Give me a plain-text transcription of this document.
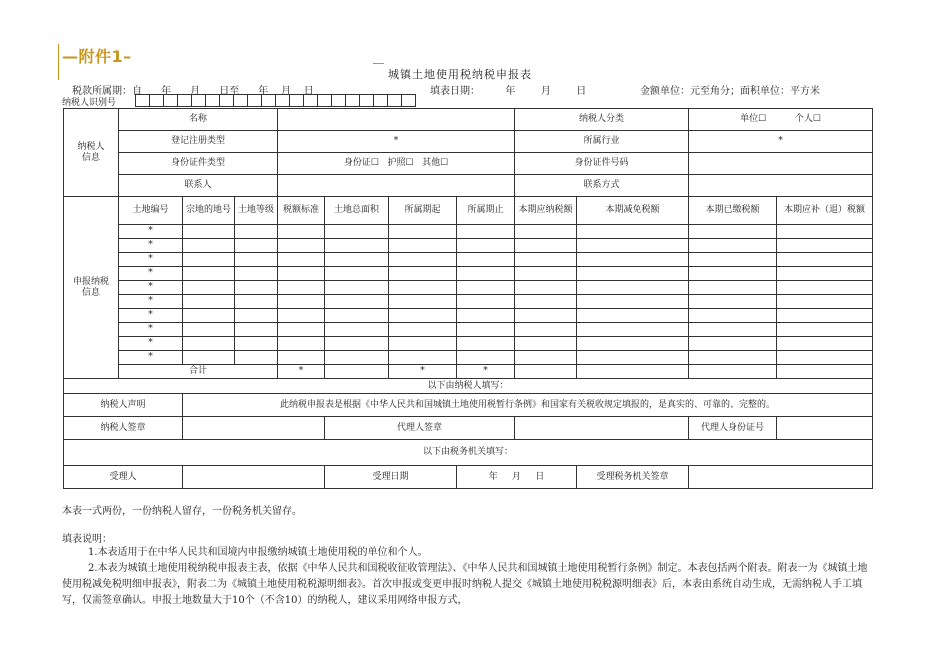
—附件1–
城镇土地使用税纳税申报表
税款所属期：自      年      月      日至      年    月    日	填表日期：        年        月        日	金额单位：元至角分；面积单位：平方米
纳税人识别号
纳税人
信息	名称							纳税人分类		单位☐          个人☐	
	登记注册类型			*				所属行业		*	
	身份证件类型			身份证☐   护照☐   其他☐				身份证件号码			
	联系人							联系方式			
申报纳税
信息	土地编号	宗地的地号	土地等级	税额标准	土地总面积	所属期起	所属期止	本期应纳税额	本期减免税额	本期已缴税额	本期应补（退）税额
	*										
	*										
	*										
	*										
	*										
	*										
	*										
	*										
	*										
	*										
	合计			*		*	*				
以下由纳税人填写：											
纳税人声明		此纳税申报表是根据《中华人民共和国城镇土地使用税暂行条例》和国家有关税收规定填报的，是真实的、可靠的、完整的。									
纳税人签章					代理人签章					代理人身份证号	
以下由税务机关填写：											
受理人					受理日期		年     月     日		受理税务机关签章		
本表一式两份，一份纳税人留存，一份税务机关留存。
填表说明：
1.本表适用于在中华人民共和国境内申报缴纳城镇土地使用税的单位和个人。
2.本表为城镇土地使用税纳税申报表主表，依据《中华人民共和国税收征收管理法》、《中华人民共和国城镇土地使用税暂行条例》制定。本表包括两个附表。附表一为《城镇土地使用税减免税明细申报表》，附表二为《城镇土地使用税税源明细表》。首次申报或变更申报时纳税人提交《城镇土地使用税税源明细表》后，本表由系统自动生成，无需纳税人手工填写，仅需签章确认。申报土地数量大于10个（不含10）的纳税人，建议采用网络申报方式，
